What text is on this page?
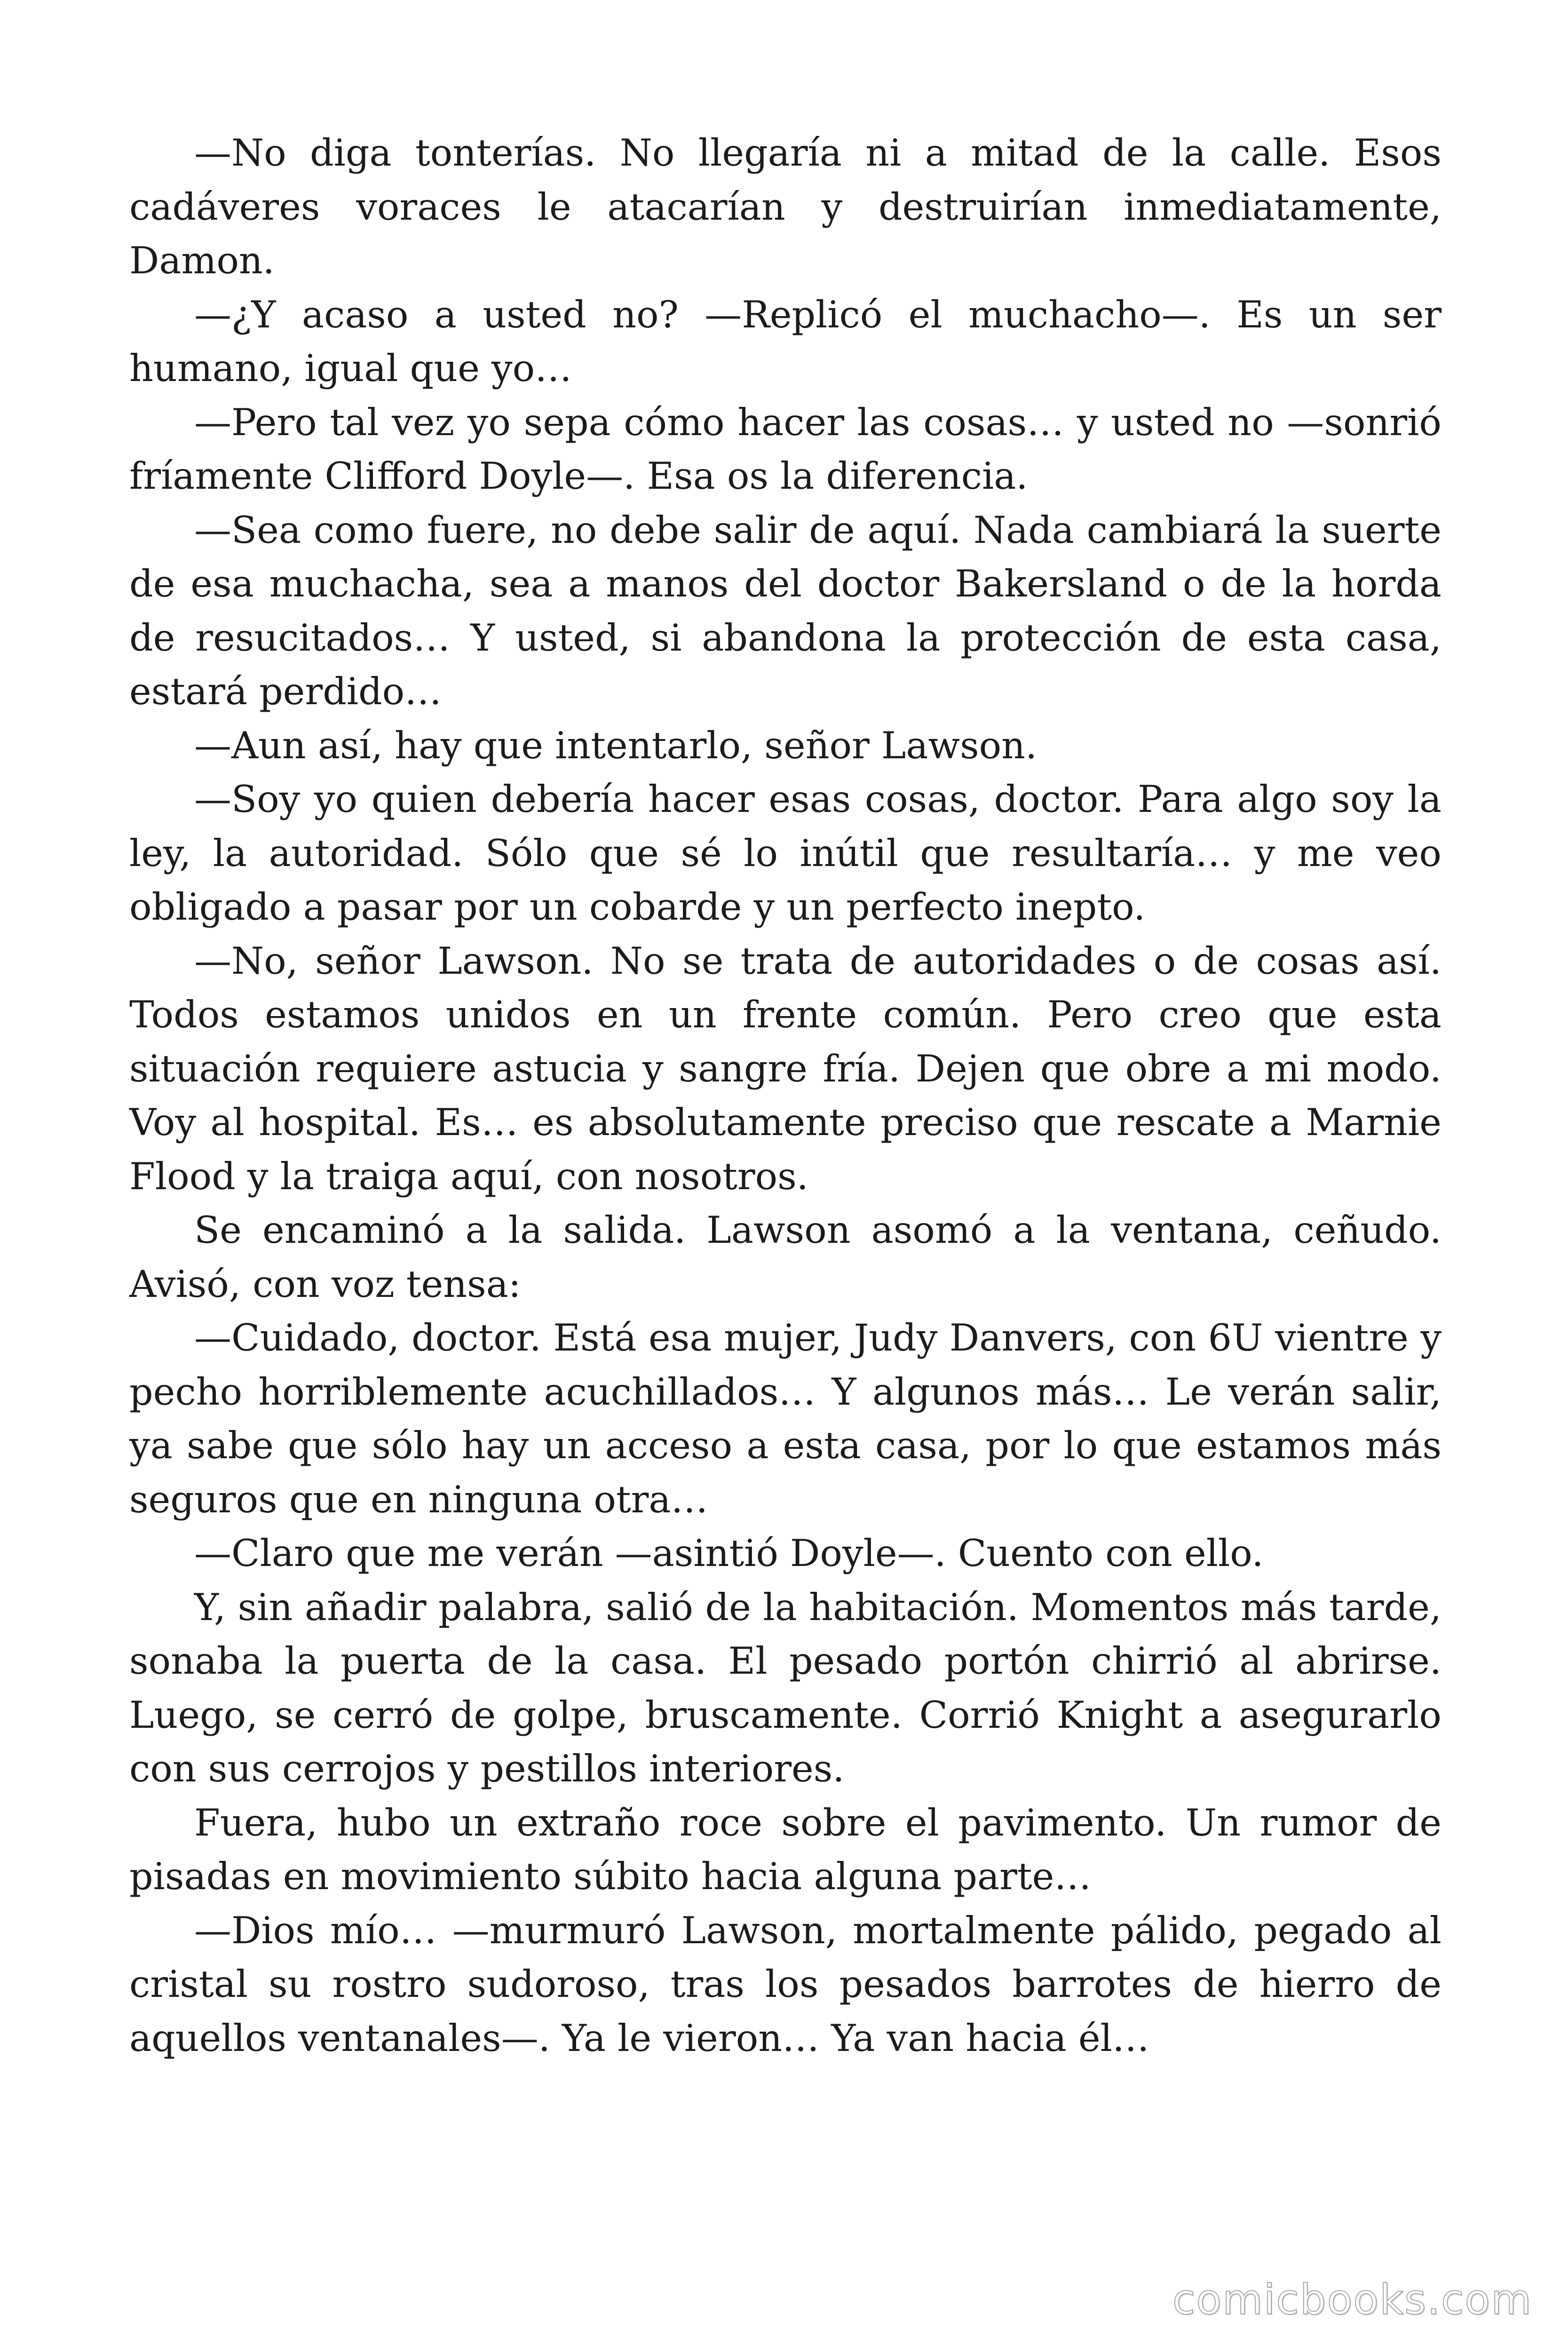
—No diga tonterías. No llegaría ni a mitad de la calle. Esos cadáveres voraces le atacarían y destruirían inmediatamente, Damon.

—¿Y acaso a usted no? —Replicó el muchacho—. Es un ser humano, igual que yo…

—Pero tal vez yo sepa cómo hacer las cosas… y usted no —sonrió fríamente Clifford Doyle—. Esa os la diferencia.

—Sea como fuere, no debe salir de aquí. Nada cambiará la suerte de esa muchacha, sea a manos del doctor Bakersland o de la horda de resucitados… Y usted, si abandona la protección de esta casa, estará perdido…

—Aun así, hay que intentarlo, señor Lawson.

—Soy yo quien debería hacer esas cosas, doctor. Para algo soy la ley, la autoridad. Sólo que sé lo inútil que resultaría… y me veo obligado a pasar por un cobarde y un perfecto inepto.

—No, señor Lawson. No se trata de autoridades o de cosas así. Todos estamos unidos en un frente común. Pero creo que esta situación requiere astucia y sangre fría. Dejen que obre a mi modo. Voy al hospital. Es… es absolutamente preciso que rescate a Marnie Flood y la traiga aquí, con nosotros.

Se encaminó a la salida. Lawson asomó a la ventana, ceñudo. Avisó, con voz tensa:

—Cuidado, doctor. Está esa mujer, Judy Danvers, con 6U vientre y pecho horriblemente acuchillados… Y algunos más… Le verán salir, ya sabe que sólo hay un acceso a esta casa, por lo que estamos más seguros que en ninguna otra…

—Claro que me verán —asintió Doyle—. Cuento con ello.

Y, sin añadir palabra, salió de la habitación. Momentos más tarde, sonaba la puerta de la casa. El pesado portón chirrió al abrirse. Luego, se cerró de golpe, bruscamente. Corrió Knight a asegurarlo con sus cerrojos y pestillos interiores.

Fuera, hubo un extraño roce sobre el pavimento. Un rumor de pisadas en movimiento súbito hacia alguna parte…

—Dios mío… —murmuró Lawson, mortalmente pálido, pegado al cristal su rostro sudoroso, tras los pesados barrotes de hierro de aquellos ventanales—. Ya le vieron… Ya van hacia él…

comicbooks.com
